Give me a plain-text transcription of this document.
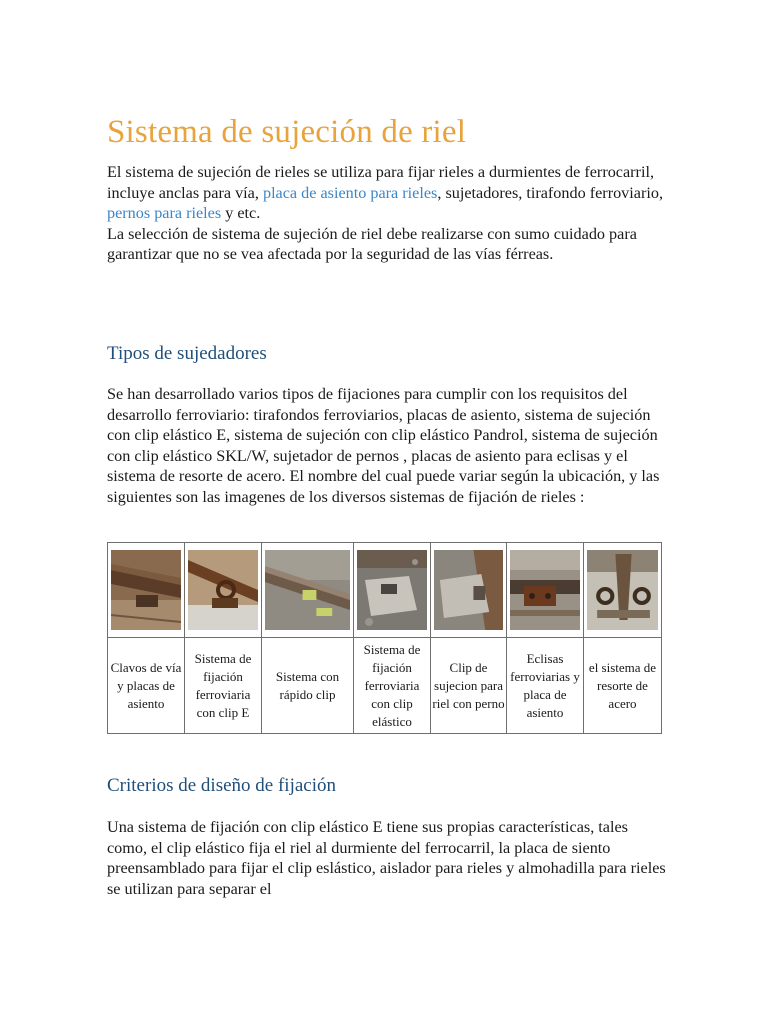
Sistema de sujeción de riel

El sistema de sujeción de rieles se utiliza para fijar rieles a durmientes de ferrocarril, incluye anclas para vía, placa de asiento para rieles, sujetadores, tirafondo ferroviario, pernos para rieles y etc.

La selección de sistema de sujeción de riel debe realizarse con sumo cuidado para garantizar que no se vea afectada por la seguridad de las vías férreas.

Tipos de sujedadores

Se han desarrollado varios tipos de fijaciones para cumplir con los requisitos del desarrollo ferroviario: tirafondos ferroviarios, placas de asiento, sistema de sujeción con clip elástico E, sistema de sujeción con clip elástico Pandrol, sistema de sujeción con clip elástico SKL/W, sujetador de pernos , placas de asiento para eclisas y el sistema de resorte de acero. El nombre del cual puede variar según la ubicación, y las siguientes son las imagenes de los diversos sistemas de fijación de rieles :

Clavos de vía y placas de asiento	Sistema de fijación ferroviaria con clip E	Sistema con rápido clip	Sistema de fijación ferroviaria con clip elástico	Clip de sujecion para riel con perno	Eclisas ferroviarias y placa de asiento	el sistema de resorte de acero
Criterios de diseño de fijación

Una sistema de fijación con clip elástico E tiene sus propias características, tales como, el clip elástico fija el riel al durmiente del ferrocarril, la placa de siento preensamblado para fijar el clip eslástico, aislador para rieles y almohadilla para rieles se utilizan para separar el
